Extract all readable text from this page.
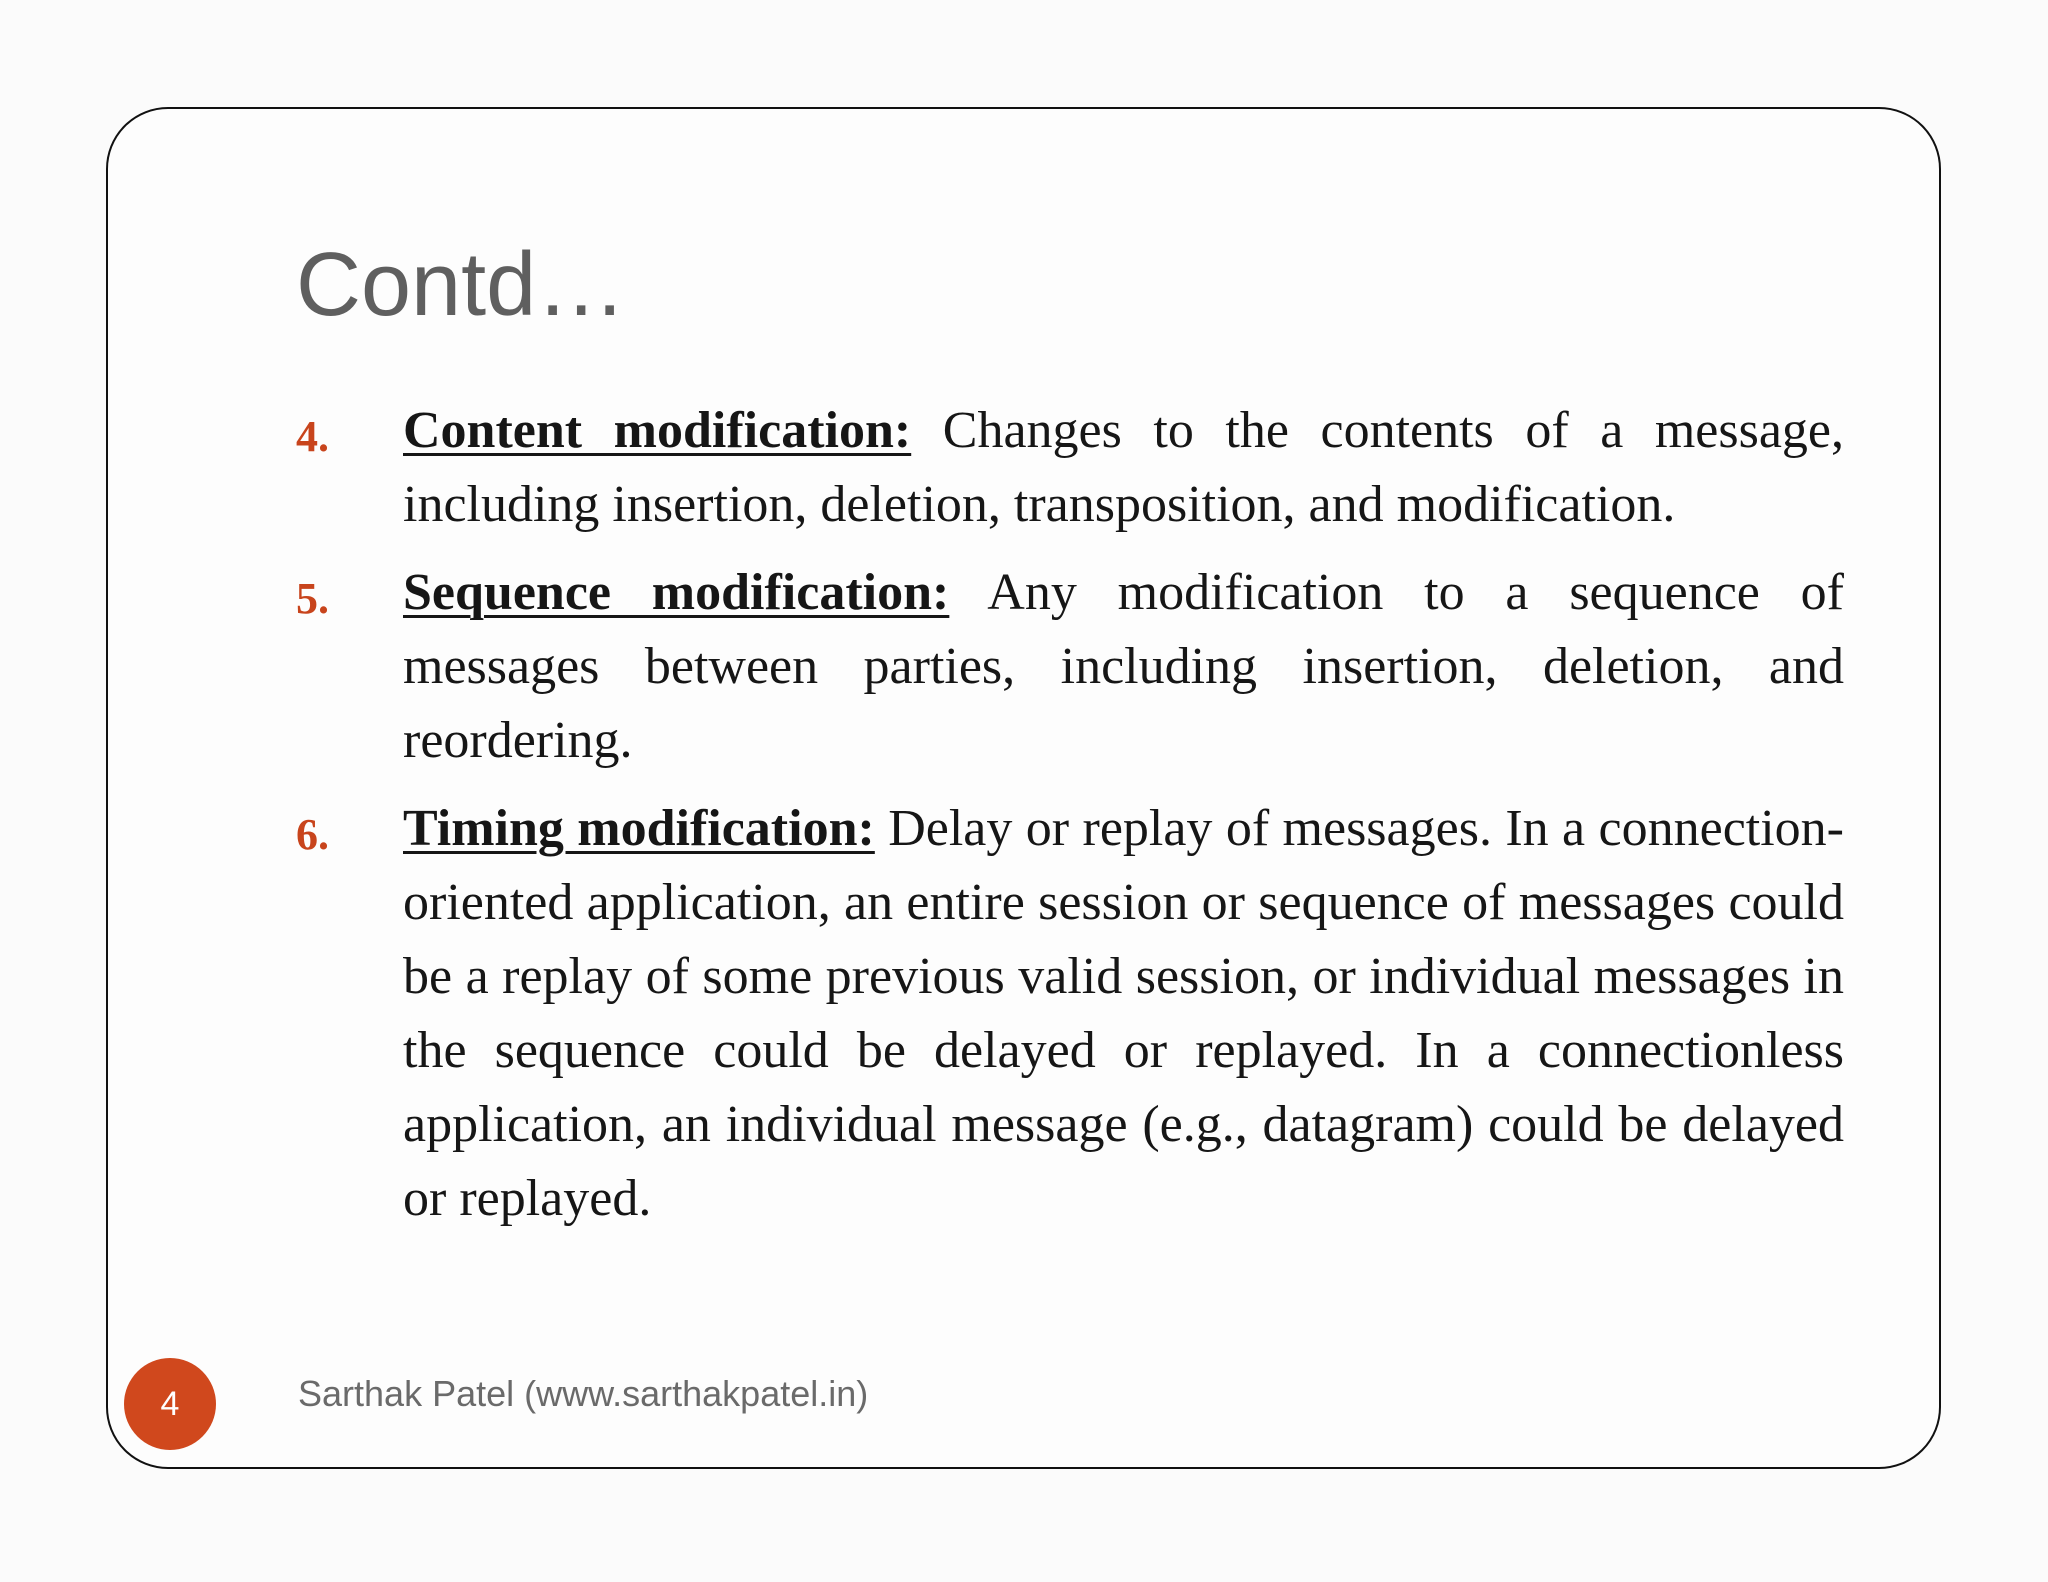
Contd…
4.	Content modification: Changes to the contents of a message, including insertion, deletion, transposition, and modification.
5.	Sequence modification: Any modification to a sequence of messages between parties, including insertion, deletion, and reordering.
6.	Timing modification: Delay or replay of messages. In a connection-oriented application, an entire session or sequence of messages could be a replay of some previous valid session, or individual messages in the sequence could be delayed or replayed. In a connectionless application, an individual message (e.g., datagram) could be delayed or replayed.
4	Sarthak Patel (www.sarthakpatel.in)
